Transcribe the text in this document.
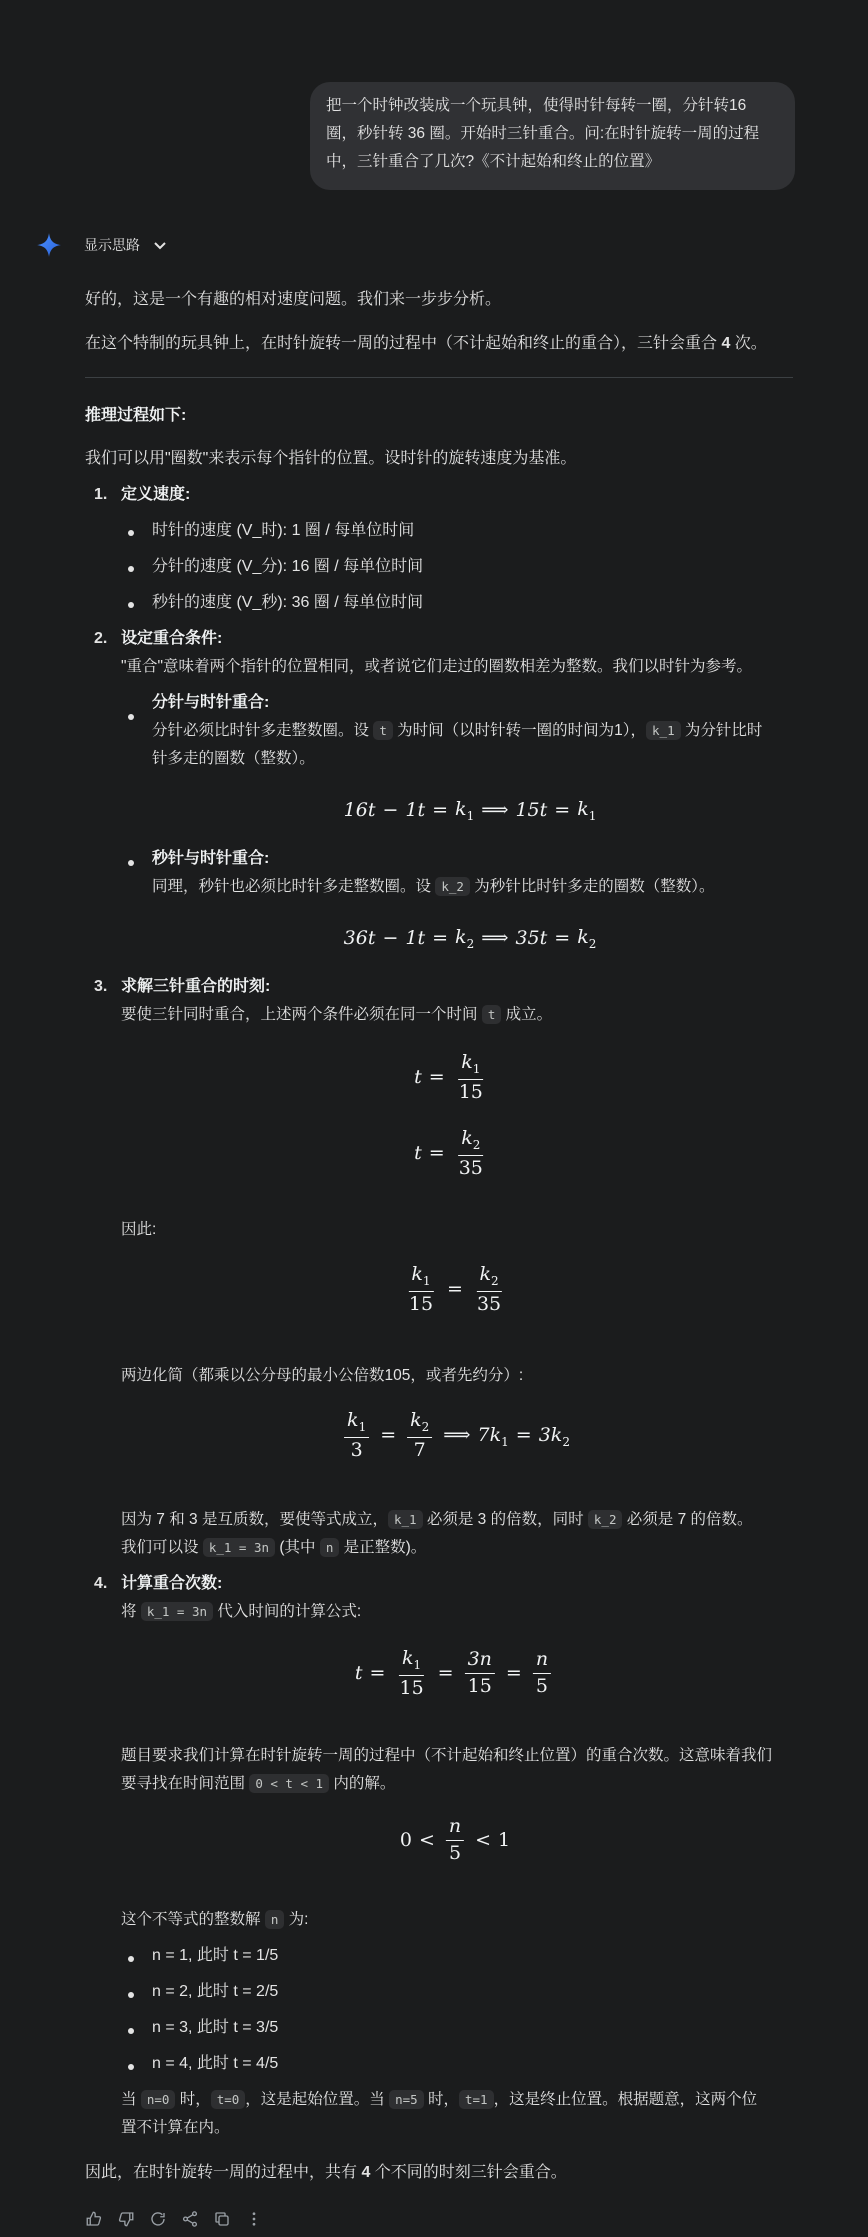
把一个时钟改装成一个玩具钟，使得时针每转一圈，分针转16圈，秒针转 36 圈。开始时三针重合。问:在时针旋转一周的过程中，三针重合了几次?《不计起始和终止的位置》
显示思路

好的，这是一个有趣的相对速度问题。我们来一步步分析。

在这个特制的玩具钟上，在时针旋转一周的过程中（不计起始和终止的重合），三针会重合 4 次。

推理过程如下:

我们可以用"圈数"来表示每个指针的位置。设时针的旋转速度为基准。

1. 定义速度:
时针的速度 (V_时): 1 圈 / 每单位时间
分针的速度 (V_分): 16 圈 / 每单位时间
秒针的速度 (V_秒): 36 圈 / 每单位时间
2. 设定重合条件:
"重合"意味着两个指针的位置相同，或者说它们走过的圈数相差为整数。我们以时针为参考。
分针与时针重合:
分针必须比时针多走整数圈。设 t 为时间（以时针转一圈的时间为1）， k_1 为分针比时
针多走的圈数（整数）。
$16t - 1t = k_1$ ⟹ $15t = k_1$
秒针与时针重合:
同理，秒针也必须比时针多走整数圈。设 k_2 为秒针比时针多走的圈数（整数）。
$36t - 1t = k_2$ ⟹ $35t = k_2$
3. 求解三针重合的时刻:
要使三针同时重合，上述两个条件必须在同一个时间 t 成立。
$t = \frac{k_1}{15}$
$t = \frac{k_2}{35}$
因此:
$\frac{k_1}{15} = \frac{k_2}{35}$
两边化简（都乘以公分母的最小公倍数105，或者先约分）:
$\frac{k_1}{3} = \frac{k_2}{7}$ ⟹ $7k_1 = 3k_2$
因为 7 和 3 是互质数，要使等式成立， k_1 必须是 3 的倍数，同时 k_2 必须是 7 的倍数。
我们可以设 k_1 = 3n (其中 n 是正整数)。
4. 计算重合次数:
将 k_1 = 3n 代入时间的计算公式:
$t = \frac{k_1}{15} = \frac{3n}{15} = \frac{n}{5}$
题目要求我们计算在时针旋转一周的过程中（不计起始和终止位置）的重合次数。这意味着我们
要寻找在时间范围 0 < t < 1 内的解。
$0 < \frac{n}{5} < 1$
这个不等式的整数解 n 为:
n = 1, 此时 t = 1/5
n = 2, 此时 t = 2/5
n = 3, 此时 t = 3/5
n = 4, 此时 t = 4/5
当 n=0 时， t=0 ，这是起始位置。当 n=5 时， t=1 ，这是终止位置。根据题意，这两个位
置不计算在内。

因此，在时针旋转一周的过程中，共有 4 个不同的时刻三针会重合。
